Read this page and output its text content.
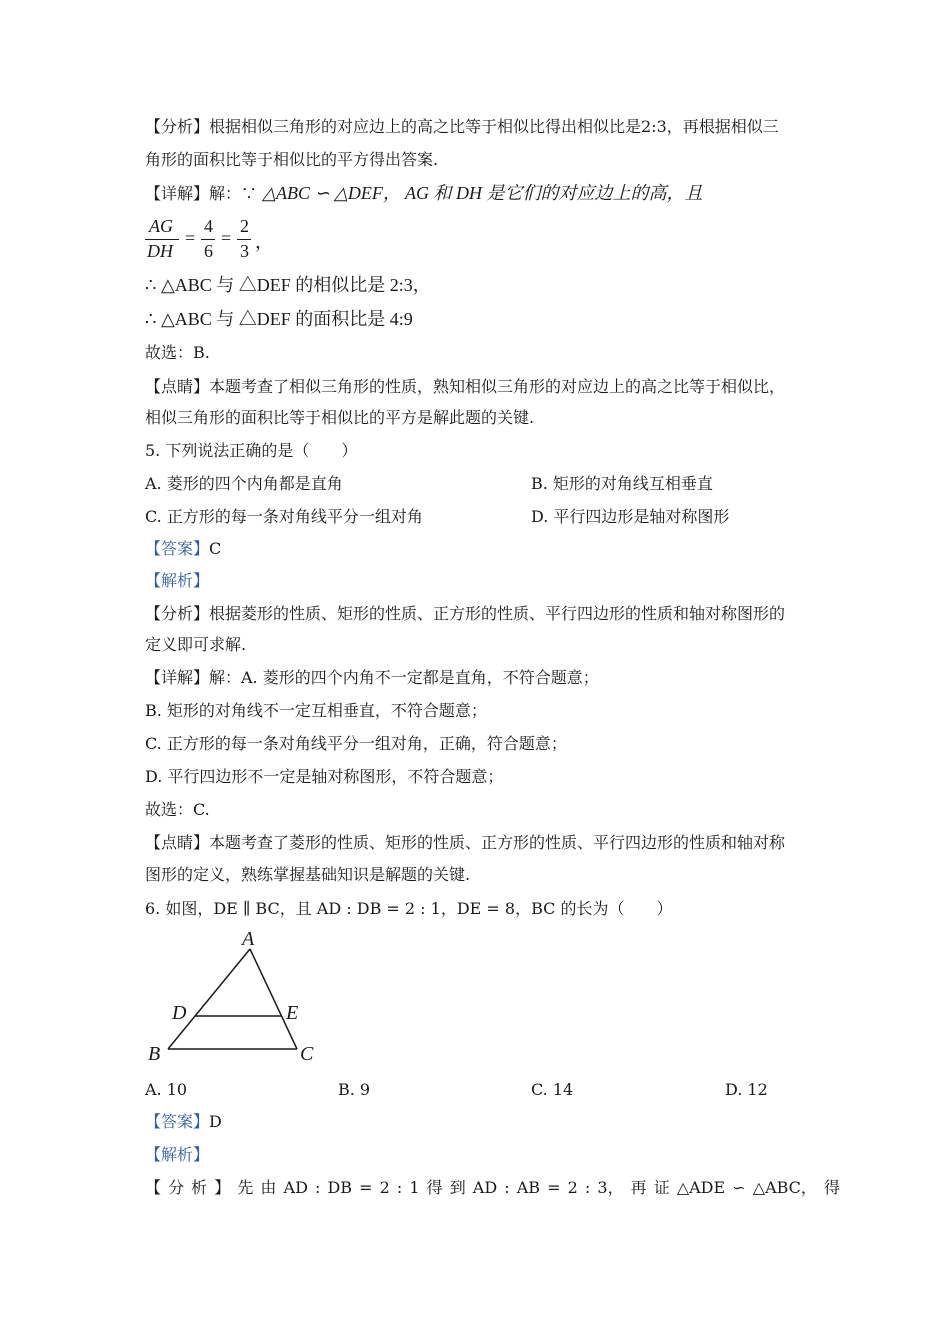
【分析】根据相似三角形的对应边上的高之比等于相似比得出相似比是2:3，再根据相似三
角形的面积比等于相似比的平方得出答案.
【详解】解：∵ △ABC ∽ △DEF， AG 和 DH 是它们的对应边上的高，且
AG
DH
=
4
6
=
2
3 ，
∴ △ABC 与 △DEF 的相似比是 2:3，
∴ △ABC 与 △DEF 的面积比是 4:9
故选：B.
【点睛】本题考查了相似三角形的性质，熟知相似三角形的对应边上的高之比等于相似比，
相似三角形的面积比等于相似比的平方是解此题的关键.
5. 下列说法正确的是（　　）
A. 菱形的四个内角都是直角	B. 矩形的对角线互相垂直
C. 正方形的每一条对角线平分一组对角	D. 平行四边形是轴对称图形
【答案】C
【解析】
【分析】根据菱形的性质、矩形的性质、正方形的性质、平行四边形的性质和轴对称图形的
定义即可求解.
【详解】解：A. 菱形的四个内角不一定都是直角，不符合题意；
B. 矩形的对角线不一定互相垂直，不符合题意；
C. 正方形的每一条对角线平分一组对角，正确，符合题意；
D. 平行四边形不一定是轴对称图形，不符合题意；
故选：C.
【点睛】本题考查了菱形的性质、矩形的性质、正方形的性质、平行四边形的性质和轴对称
图形的定义，熟练掌握基础知识是解题的关键.
6. 如图，DE ∥ BC，且 AD : DB = 2 : 1，DE = 8，BC 的长为（　　）
A
B	C
D	E
A. 10	B. 9	C. 14	D. 12
【答案】D
【解析】
【 分 析 】 先 由 AD : DB = 2 : 1 得 到 AD : AB = 2 : 3， 再 证 △ADE ∽ △ABC， 得
